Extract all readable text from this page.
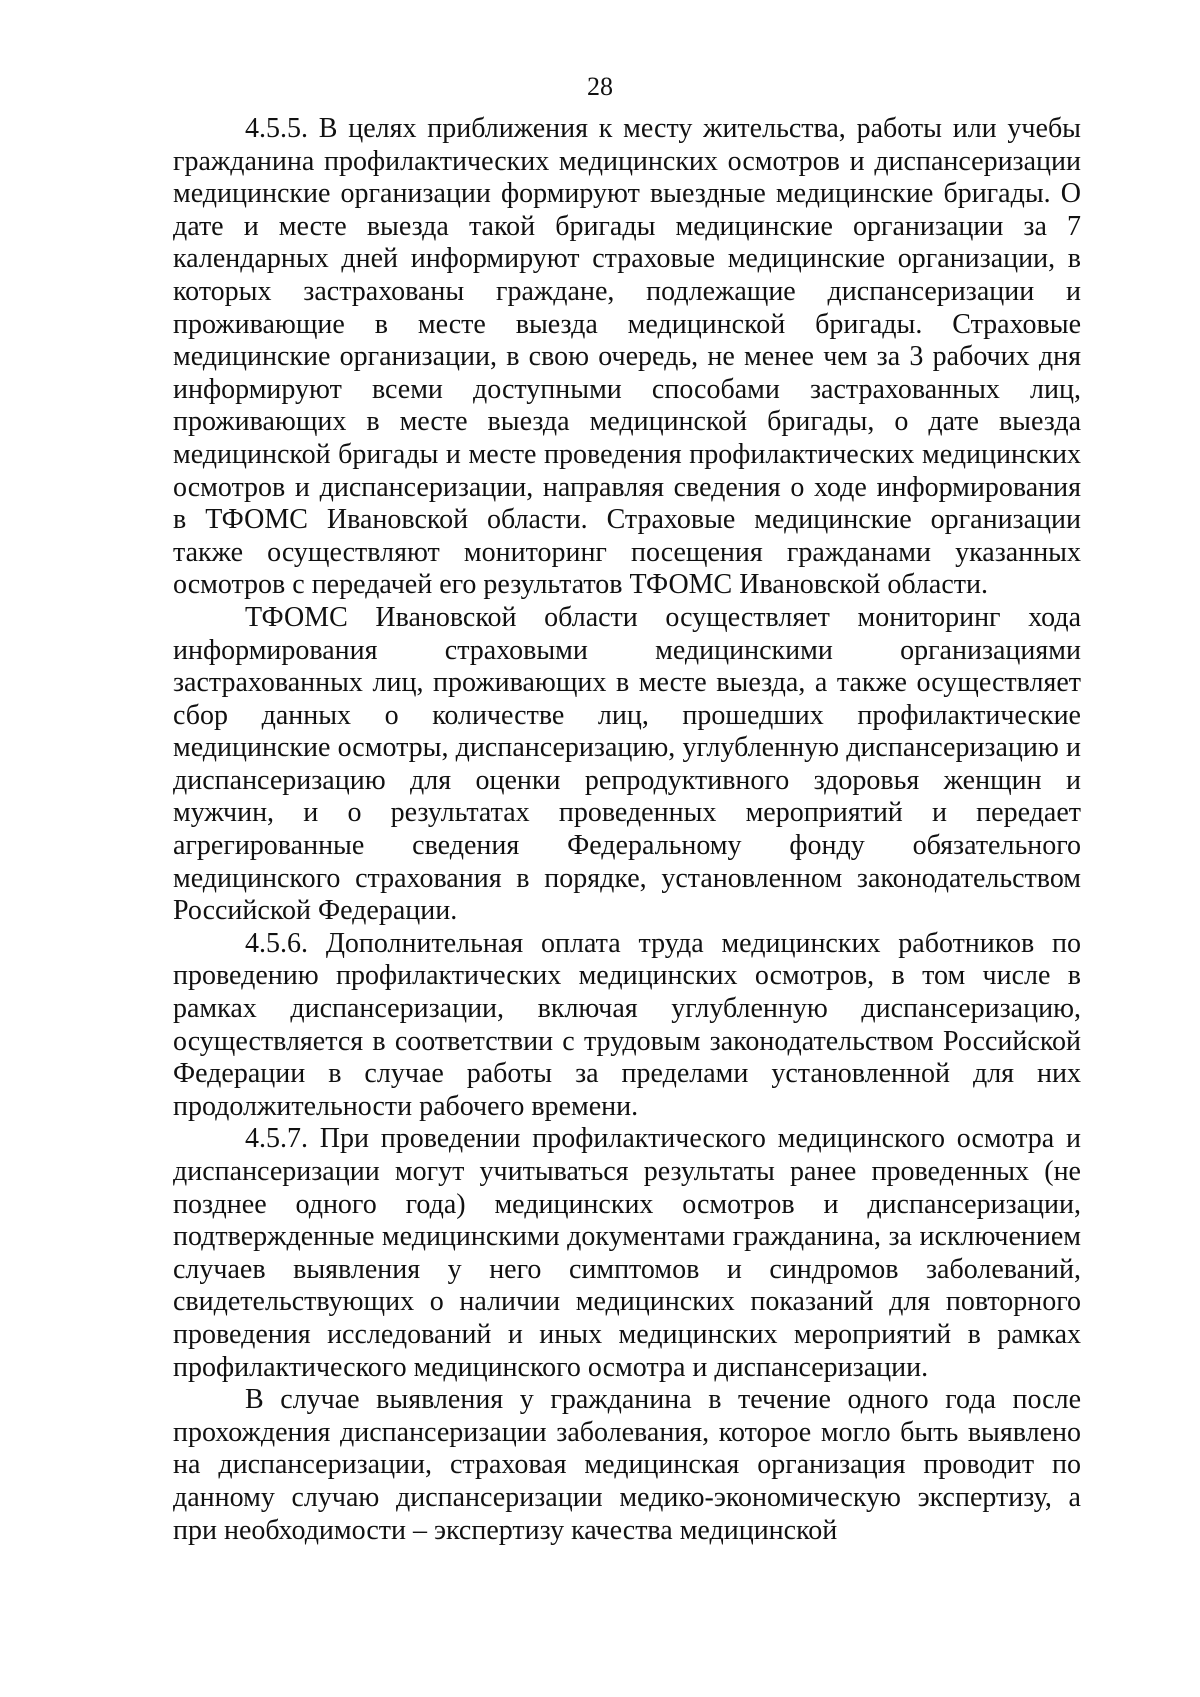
28

4.5.5. В целях приближения к месту жительства, работы или учебы гражданина профилактических медицинских осмотров и диспансеризации медицинские организации формируют выездные медицинские бригады. О дате и месте выезда такой бригады медицинские организации за 7 календарных дней информируют страховые медицинские организации, в которых застрахованы граждане, подлежащие диспансеризации и проживающие в месте выезда медицинской бригады. Страховые медицинские организации, в свою очередь, не менее чем за 3 рабочих дня информируют всеми доступными способами застрахованных лиц, проживающих в месте выезда медицинской бригады, о дате выезда медицинской бригады и месте проведения профилактических медицинских осмотров и диспансеризации, направляя сведения о ходе информирования в ТФОМС Ивановской области. Страховые медицинские организации также осуществляют мониторинг посещения гражданами указанных осмотров с передачей его результатов ТФОМС Ивановской области.

ТФОМС Ивановской области осуществляет мониторинг хода информирования страховыми медицинскими организациями застрахованных лиц, проживающих в месте выезда, а также осуществляет сбор данных о количестве лиц, прошедших профилактические медицинские осмотры, диспансеризацию, углубленную диспансеризацию и диспансеризацию для оценки репродуктивного здоровья женщин и мужчин, и о результатах проведенных мероприятий и передает агрегированные сведения Федеральному фонду обязательного медицинского страхования в порядке, установленном законодательством Российской Федерации.

4.5.6. Дополнительная оплата труда медицинских работников по проведению профилактических медицинских осмотров, в том числе в рамках диспансеризации, включая углубленную диспансеризацию, осуществляется в соответствии с трудовым законодательством Российской Федерации в случае работы за пределами установленной для них продолжительности рабочего времени.

4.5.7. При проведении профилактического медицинского осмотра и диспансеризации могут учитываться результаты ранее проведенных (не позднее одного года) медицинских осмотров и диспансеризации, подтвержденные медицинскими документами гражданина, за исключением случаев выявления у него симптомов и синдромов заболеваний, свидетельствующих о наличии медицинских показаний для повторного проведения исследований и иных медицинских мероприятий в рамках профилактического медицинского осмотра и диспансеризации.

В случае выявления у гражданина в течение одного года после прохождения диспансеризации заболевания, которое могло быть выявлено на диспансеризации, страховая медицинская организация проводит по данному случаю диспансеризации медико-экономическую экспертизу, а при необходимости – экспертизу качества медицинской
